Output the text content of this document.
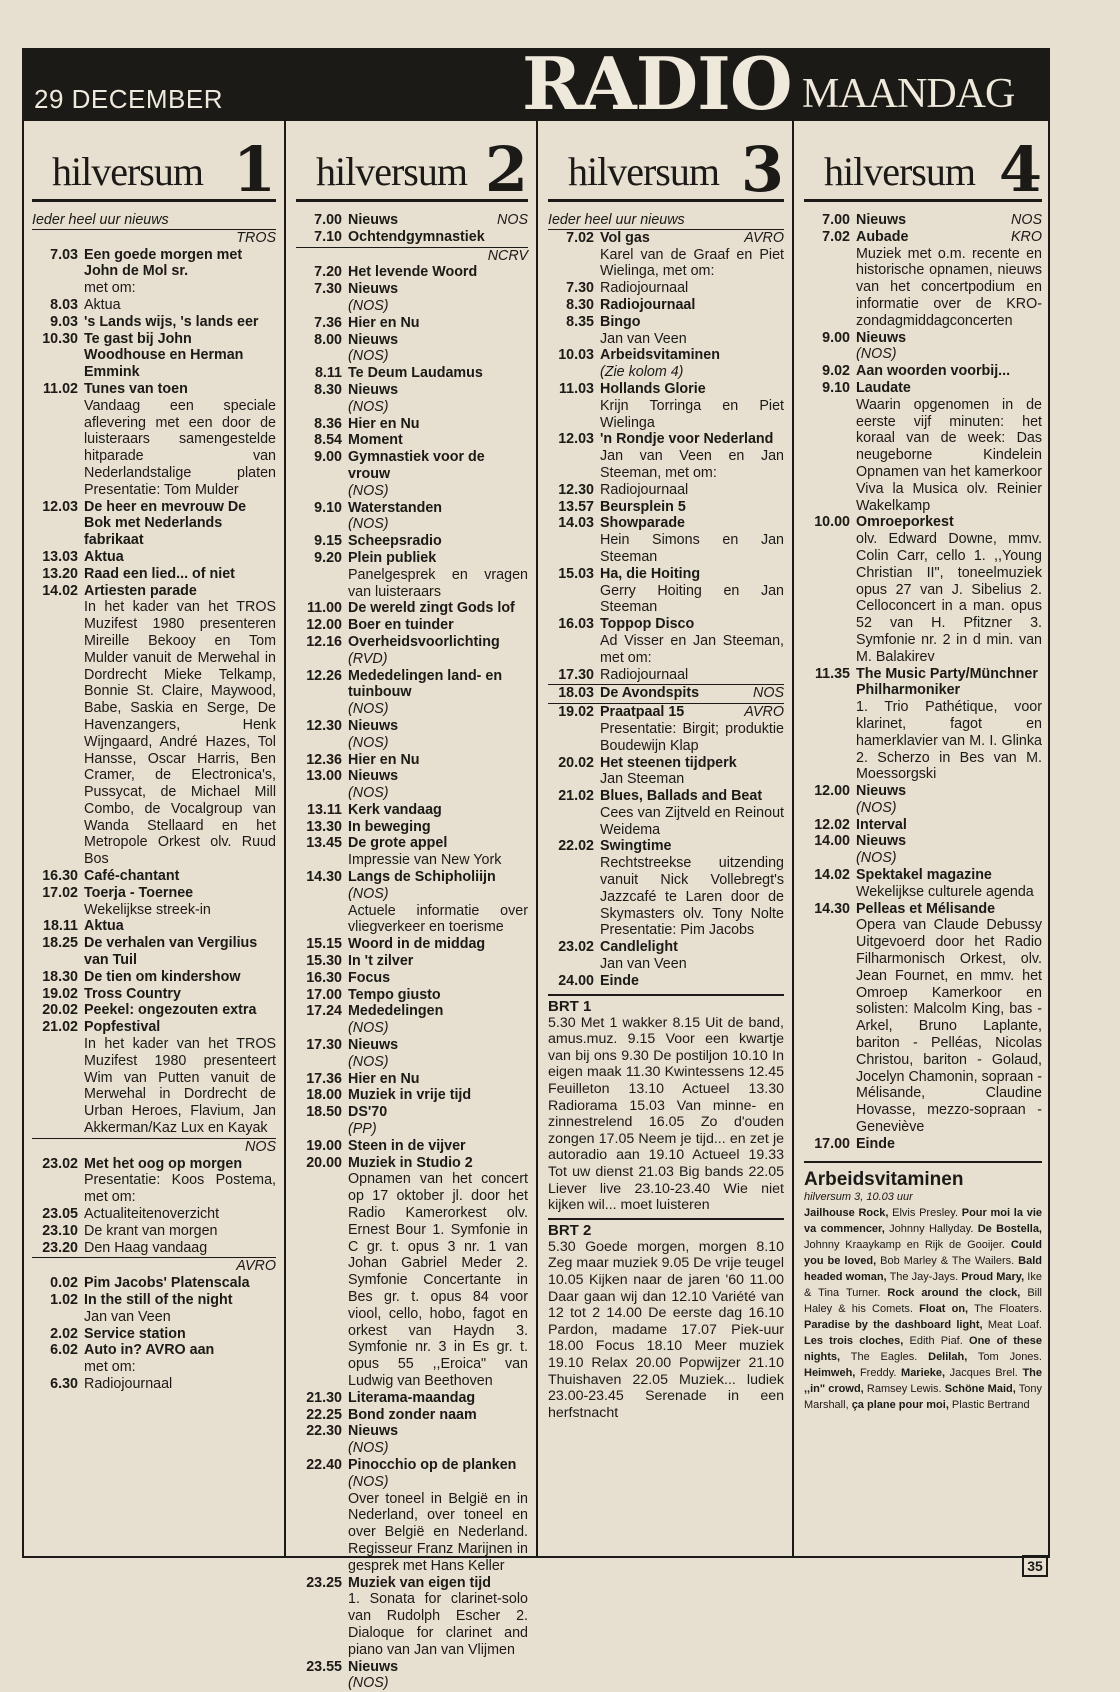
29 DECEMBER	RADIO MAANDAG
hilversum 1
Ieder heel uur nieuws
TROS
7.03 Een goede morgen met John de Mol sr.
met om:
8.03 Aktua
9.03 's Lands wijs, 's lands eer
10.30 Te gast bij John Woodhouse en Herman Emmink
11.02 Tunes van toen
Vandaag een speciale aflevering met een door de luisteraars samengestelde hitparade van Nederlandstalige platen Presentatie: Tom Mulder
12.03 De heer en mevrouw De Bok met Nederlands fabrikaat
13.03 Aktua
13.20 Raad een lied... of niet
14.02 Artiesten parade
In het kader van het TROS Muzifest 1980 presenteren Mireille Bekooy en Tom Mulder vanuit de Merwehal in Dordrecht Mieke Telkamp, Bonnie St. Claire, Maywood, Babe, Saskia en Serge, De Havenzangers, Henk Wijngaard, André Hazes, Tol Hansse, Oscar Harris, Ben Cramer, de Electronica's, Pussycat, de Michael Mill Combo, de Vocalgroup van Wanda Stellaard en het Metropole Orkest olv. Ruud Bos
16.30 Café-chantant
17.02 Toerja - Toernee
Wekelijkse streek-in
18.11 Aktua
18.25 De verhalen van Vergilius van Tuil
18.30 De tien om kindershow
19.02 Tross Country
20.02 Peekel: ongezouten extra
21.02 Popfestival
In het kader van het TROS Muzifest 1980 presenteert Wim van Putten vanuit de Merwehal in Dordrecht de Urban Heroes, Flavium, Jan Akkerman/Kaz Lux en Kayak
NOS
23.02 Met het oog op morgen
Presentatie: Koos Postema, met om:
23.05 Actualiteitenoverzicht
23.10 De krant van morgen
23.20 Den Haag vandaag
AVRO
0.02 Pim Jacobs' Platenscala
1.02 In the still of the night
Jan van Veen
2.02 Service station
6.02 Auto in? AVRO aan
met om:
6.30 Radiojournaal
hilversum 2
7.00 Nieuws	NOS
7.10 Ochtendgymnastiek
NCRV
7.20 Het levende Woord
7.30 Nieuws
(NOS)
7.36 Hier en Nu
8.00 Nieuws
(NOS)
8.11 Te Deum Laudamus
8.30 Nieuws
(NOS)
8.36 Hier en Nu
8.54 Moment
9.00 Gymnastiek voor de vrouw
(NOS)
9.10 Waterstanden
(NOS)
9.15 Scheepsradio
9.20 Plein publiek
Panelgesprek en vragen van luisteraars
11.00 De wereld zingt Gods lof
12.00 Boer en tuinder
12.16 Overheidsvoorlichting
(RVD)
12.26 Mededelingen land- en tuinbouw
(NOS)
12.30 Nieuws
(NOS)
12.36 Hier en Nu
13.00 Nieuws
(NOS)
13.11 Kerk vandaag
13.30 In beweging
13.45 De grote appel
Impressie van New York
14.30 Langs de Schipholiijn
(NOS)
Actuele informatie over vliegverkeer en toerisme
15.15 Woord in de middag
15.30 In 't zilver
16.30 Focus
17.00 Tempo giusto
17.24 Mededelingen
(NOS)
17.30 Nieuws
(NOS)
17.36 Hier en Nu
18.00 Muziek in vrije tijd
18.50 DS'70
(PP)
19.00 Steen in de vijver
20.00 Muziek in Studio 2
Opnamen van het concert op 17 oktober jl. door het Radio Kamerorkest olv. Ernest Bour 1. Symfonie in C gr. t. opus 3 nr. 1 van Johan Gabriel Meder 2. Symfonie Concertante in Bes gr. t. opus 84 voor viool, cello, hobo, fagot en orkest van Haydn 3. Symfonie nr. 3 in Es gr. t. opus 55 ,,Eroica" van Ludwig van Beethoven
21.30 Literama-maandag
22.25 Bond zonder naam
22.30 Nieuws
(NOS)
22.40 Pinocchio op de planken
(NOS)
Over toneel in België en in Nederland, over toneel en over België en Nederland. Regisseur Franz Marijnen in gesprek met Hans Keller
23.25 Muziek van eigen tijd
1. Sonata for clarinet-solo van Rudolph Escher 2. Dialoque for clarinet and piano van Jan van Vlijmen
23.55 Nieuws
(NOS)
hilversum 3
Ieder heel uur nieuws
7.02 Vol gas	AVRO
Karel van de Graaf en Piet Wielinga, met om:
7.30 Radiojournaal
8.30 Radiojournaal
8.35 Bingo
Jan van Veen
10.03 Arbeidsvitaminen
(Zie kolom 4)
11.03 Hollands Glorie
Krijn Torringa en Piet Wielinga
12.03 'n Rondje voor Nederland
Jan van Veen en Jan Steeman, met om:
12.30 Radiojournaal
13.57 Beursplein 5
14.03 Showparade
Hein Simons en Jan Steeman
15.03 Ha, die Hoiting
Gerry Hoiting en Jan Steeman
16.03 Toppop Disco
Ad Visser en Jan Steeman, met om:
17.30 Radiojournaal
18.03 De Avondspits	NOS
19.02 Praatpaal 15	AVRO
Presentatie: Birgit; produktie Boudewijn Klap
20.02 Het steenen tijdperk
Jan Steeman
21.02 Blues, Ballads and Beat
Cees van Zijtveld en Reinout Weidema
22.02 Swingtime
Rechtstreekse uitzending vanuit Nick Vollebregt's Jazzcafé te Laren door de Skymasters olv. Tony Nolte Presentatie: Pim Jacobs
23.02 Candlelight
Jan van Veen
24.00 Einde
BRT 1
5.30 Met 1 wakker 8.15 Uit de band, amus.muz. 9.15 Voor een kwartje van bij ons 9.30 De postiljon 10.10 In eigen maak 11.30 Kwintessens 12.45 Feuilleton 13.10 Actueel 13.30 Radiorama 15.03 Van minne- en zinnestrelend 16.05 Zo d'ouden zongen 17.05 Neem je tijd... en zet je autoradio aan 19.10 Actueel 19.33 Tot uw dienst 21.03 Big bands 22.05 Liever live 23.10-23.40 Wie niet kijken wil... moet luisteren
BRT 2
5.30 Goede morgen, morgen 8.10 Zeg maar muziek 9.05 De vrije teugel 10.05 Kijken naar de jaren '60 11.00 Daar gaan wij dan 12.10 Variété van 12 tot 2 14.00 De eerste dag 16.10 Pardon, madame 17.07 Piek-uur 18.00 Focus 18.10 Meer muziek 19.10 Relax 20.00 Popwijzer 21.10 Thuishaven 22.05 Muziek... ludiek 23.00-23.45 Serenade in een herfstnacht
hilversum 4
7.00 Nieuws	NOS
7.02 Aubade	KRO
Muziek met o.m. recente en historische opnamen, nieuws van het concertpodium en informatie over de KRO-zondagmiddagconcerten
9.00 Nieuws
(NOS)
9.02 Aan woorden voorbij...
9.10 Laudate
Waarin opgenomen in de eerste vijf minuten: het koraal van de week: Das neugeborne Kindelein Opnamen van het kamerkoor Viva la Musica olv. Reinier Wakelkamp
10.00 Omroeporkest
olv. Edward Downe, mmv. Colin Carr, cello 1. ,,Young Christian II", toneelmuziek opus 27 van J. Sibelius 2. Celloconcert in a man. opus 52 van H. Pfitzner 3. Symfonie nr. 2 in d min. van M. Balakirev
11.35 The Music Party/Münchner Philharmoniker
1. Trio Pathétique, voor klarinet, fagot en hamerklavier van M. I. Glinka 2. Scherzo in Bes van M. Moessorgski
12.00 Nieuws
(NOS)
12.02 Interval
14.00 Nieuws
(NOS)
14.02 Spektakel magazine
Wekelijkse culturele agenda
14.30 Pelleas et Mélisande
Opera van Claude Debussy Uitgevoerd door het Radio Filharmonisch Orkest, olv. Jean Fournet, en mmv. het Omroep Kamerkoor en solisten: Malcolm King, bas - Arkel, Bruno Laplante, bariton - Pelléas, Nicolas Christou, bariton - Golaud, Jocelyn Chamonin, sopraan - Mélisande, Claudine Hovasse, mezzo-sopraan - Geneviève
17.00 Einde
Arbeidsvitaminen
hilversum 3, 10.03 uur
Jailhouse Rock, Elvis Presley. Pour moi la vie va commencer, Johnny Hallyday. De Bostella, Johnny Kraaykamp en Rijk de Gooijer. Could you be loved, Bob Marley & The Wailers. Bald headed woman, The Jay-Jays. Proud Mary, Ike & Tina Turner. Rock around the clock, Bill Haley & his Comets. Float on, The Floaters. Paradise by the dashboard light, Meat Loaf. Les trois cloches, Edith Piaf. One of these nights, The Eagles. Delilah, Tom Jones. Heimweh, Freddy. Marieke, Jacques Brel. The ,,in" crowd, Ramsey Lewis. Schöne Maid, Tony Marshall, ça plane pour moi, Plastic Bertrand
35
